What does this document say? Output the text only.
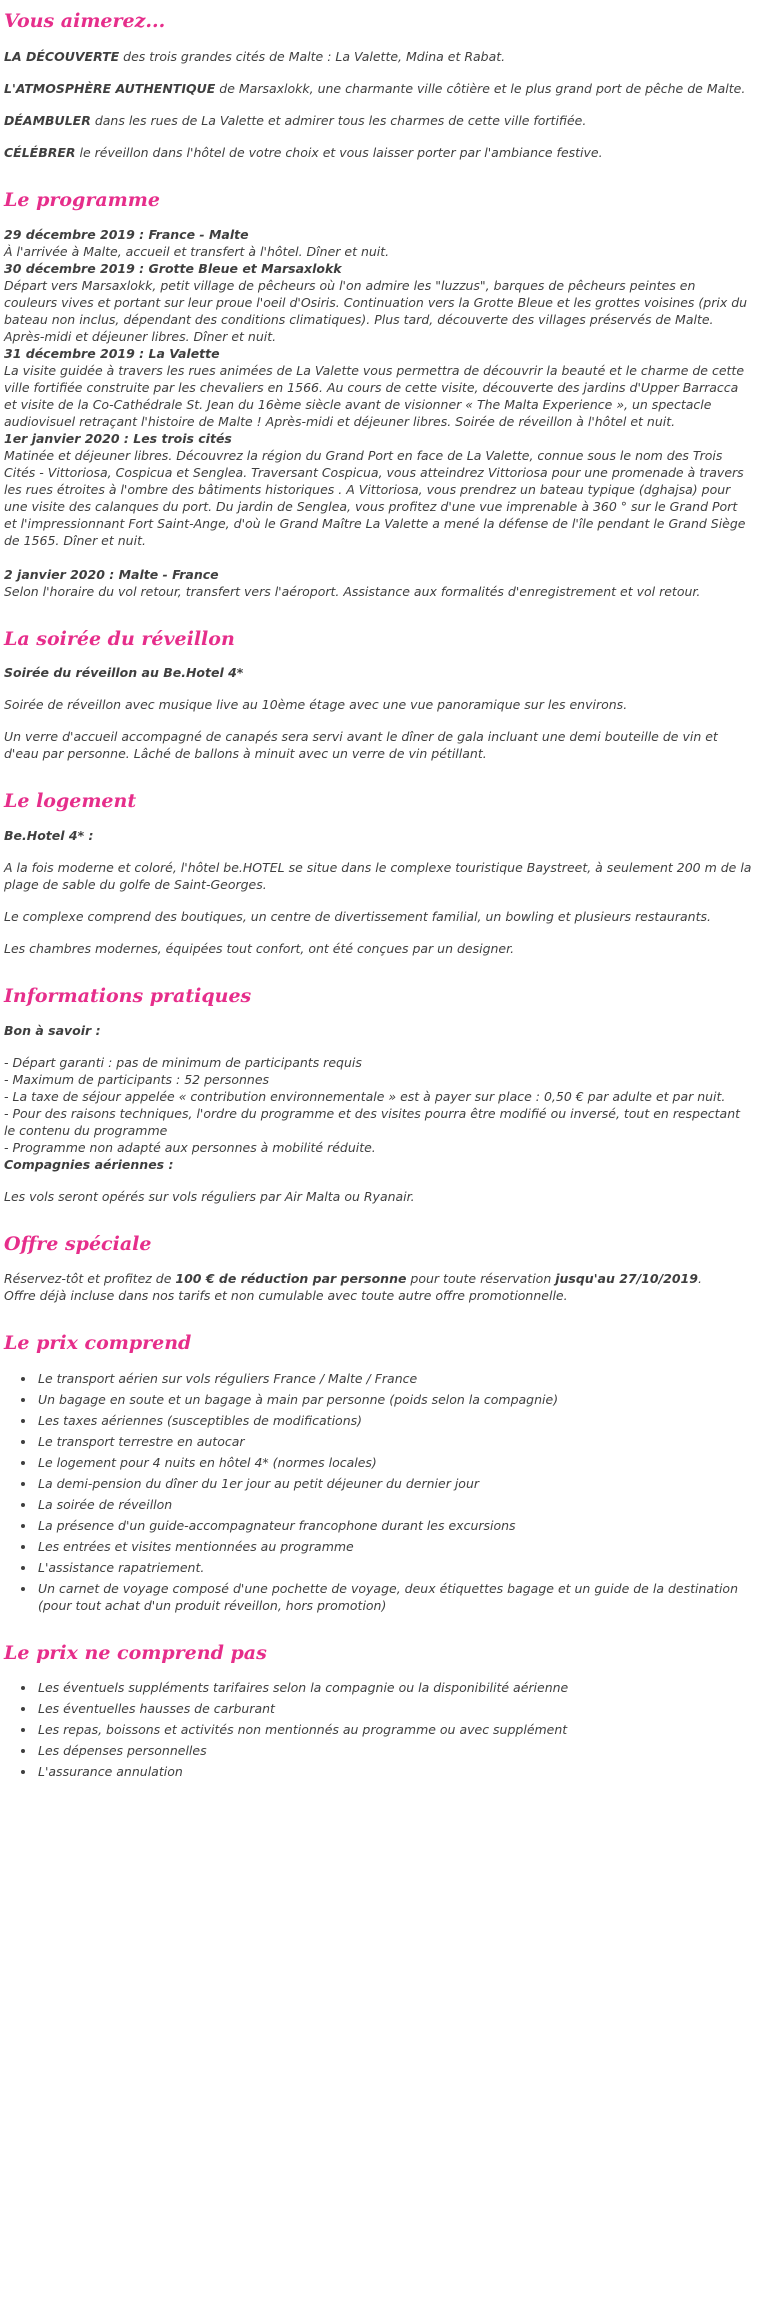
Vous aimerez...

LA DÉCOUVERTE des trois grandes cités de Malte : La Valette, Mdina et Rabat.

L'ATMOSPHÈRE AUTHENTIQUE de Marsaxlokk, une charmante ville côtière et le plus grand port de pêche de Malte.

DÉAMBULER dans les rues de La Valette et admirer tous les charmes de cette ville fortifiée.

CÉLÉBRER le réveillon dans l'hôtel de votre choix et vous laisser porter par l'ambiance festive.

Le programme
29 décembre 2019 : France - Malte
À l'arrivée à Malte, accueil et transfert à l'hôtel. Dîner et nuit.
30 décembre 2019 : Grotte Bleue et Marsaxlokk
Départ vers Marsaxlokk, petit village de pêcheurs où l'on admire les "luzzus", barques de pêcheurs peintes en couleurs vives et portant sur leur proue l'oeil d'Osiris. Continuation vers la Grotte Bleue et les grottes voisines (prix du bateau non inclus, dépendant des conditions climatiques). Plus tard, découverte des villages préservés de Malte. Après-midi et déjeuner libres. Dîner et nuit.
31 décembre 2019 : La Valette
La visite guidée à travers les rues animées de La Valette vous permettra de découvrir la beauté et le charme de cette ville fortifiée construite par les chevaliers en 1566. Au cours de cette visite, découverte des jardins d'Upper Barracca et visite de la Co-Cathédrale St. Jean du 16ème siècle avant de visionner « The Malta Experience », un spectacle audiovisuel retraçant l'histoire de Malte ! Après-midi et déjeuner libres. Soirée de réveillon à l'hôtel et nuit.
1er janvier 2020 : Les trois cités
Matinée et déjeuner libres. Découvrez la région du Grand Port en face de La Valette, connue sous le nom des Trois Cités - Vittoriosa, Cospicua et Senglea. Traversant Cospicua, vous atteindrez Vittoriosa pour une promenade à travers les rues étroites à l'ombre des bâtiments historiques . A Vittoriosa, vous prendrez un bateau typique (dghajsa) pour une visite des calanques du port. Du jardin de Senglea, vous profitez d'une vue imprenable à 360 ° sur le Grand Port et l'impressionnant Fort Saint-Ange, d'où le Grand Maître La Valette a mené la défense de l'île pendant le Grand Siège de 1565. Dîner et nuit.
2 janvier 2020 : Malte - France
Selon l'horaire du vol retour, transfert vers l'aéroport. Assistance aux formalités d'enregistrement et vol retour.
La soirée du réveillon
Soirée du réveillon au Be.Hotel 4*

Soirée de réveillon avec musique live au 10ème étage avec une vue panoramique sur les environs.

Un verre d'accueil accompagné de canapés sera servi avant le dîner de gala incluant une demi bouteille de vin et d'eau par personne. Lâché de ballons à minuit avec un verre de vin pétillant.

Le logement
Be.Hotel 4* :

A la fois moderne et coloré, l'hôtel be.HOTEL se situe dans le complexe touristique Baystreet, à seulement 200 m de la plage de sable du golfe de Saint-Georges.

Le complexe comprend des boutiques, un centre de divertissement familial, un bowling et plusieurs restaurants.

Les chambres modernes, équipées tout confort, ont été conçues par un designer.

Informations pratiques
Bon à savoir :
- Départ garanti : pas de minimum de participants requis
- Maximum de participants : 52 personnes
- La taxe de séjour appelée « contribution environnementale » est à payer sur place : 0,50 € par adulte et par nuit.
- Pour des raisons techniques, l'ordre du programme et des visites pourra être modifié ou inversé, tout en respectant le contenu du programme
- Programme non adapté aux personnes à mobilité réduite.
Compagnies aériennes :

Les vols seront opérés sur vols réguliers par Air Malta ou Ryanair.

Offre spéciale
Réservez-tôt et profitez de 100 € de réduction par personne pour toute réservation jusqu'au 27/10/2019.
Offre déjà incluse dans nos tarifs et non cumulable avec toute autre offre promotionnelle.
Le prix comprend
• Le transport aérien sur vols réguliers France / Malte / France
• Un bagage en soute et un bagage à main par personne (poids selon la compagnie)
• Les taxes aériennes (susceptibles de modifications)
• Le transport terrestre en autocar
• Le logement pour 4 nuits en hôtel 4* (normes locales)
• La demi-pension du dîner du 1er jour au petit déjeuner du dernier jour
• La soirée de réveillon
• La présence d'un guide-accompagnateur francophone durant les excursions
• Les entrées et visites mentionnées au programme
• L'assistance rapatriement.
• Un carnet de voyage composé d'une pochette de voyage, deux étiquettes bagage et un guide de la destination (pour tout achat d'un produit réveillon, hors promotion)
Le prix ne comprend pas
• Les éventuels suppléments tarifaires selon la compagnie ou la disponibilité aérienne
• Les éventuelles hausses de carburant
• Les repas, boissons et activités non mentionnés au programme ou avec supplément
• Les dépenses personnelles
• L'assurance annulation
